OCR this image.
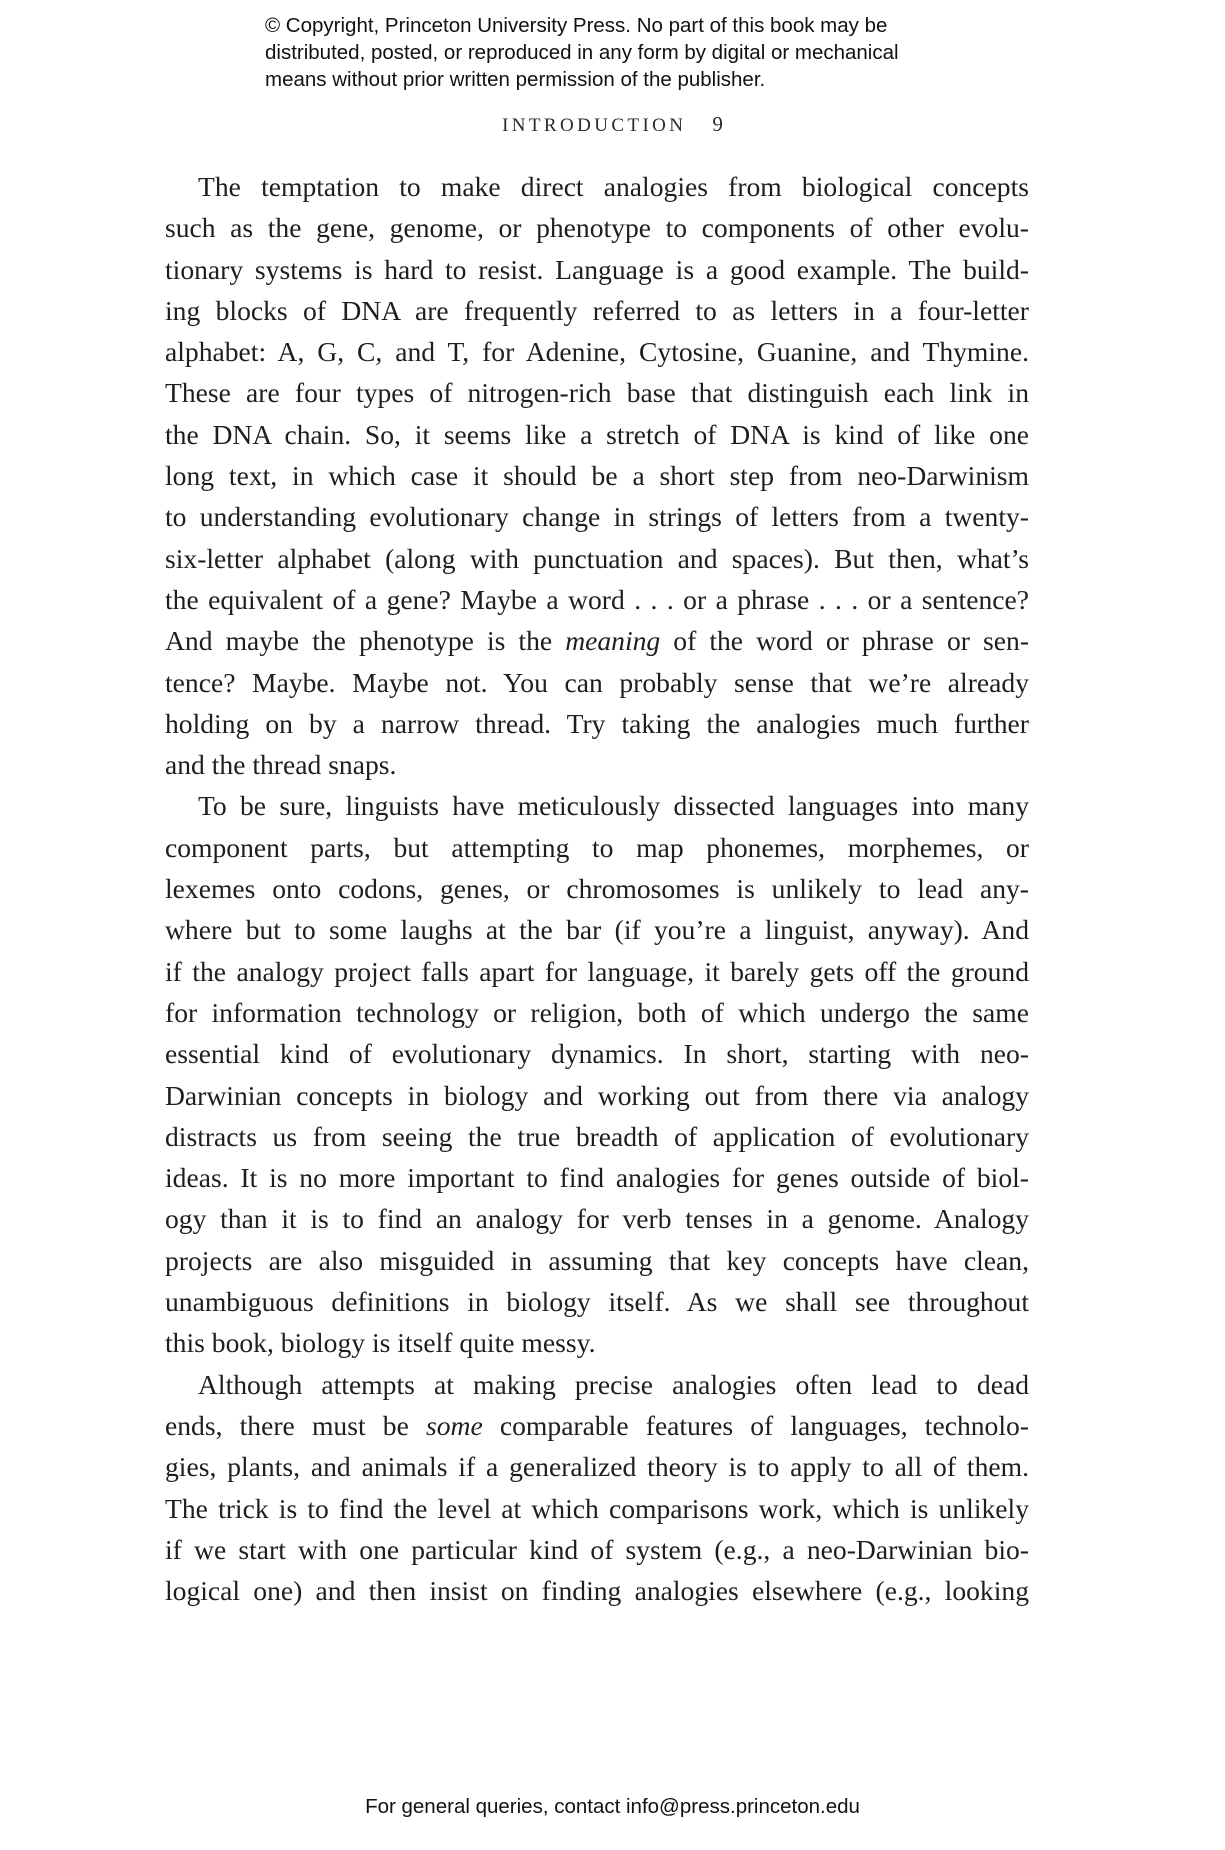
© Copyright, Princeton University Press. No part of this book may be
distributed, posted, or reproduced in any form by digital or mechanical
means without prior written permission of the publisher.
INTRODUCTION 9

The temptation to make direct analogies from biological concepts
such as the gene, genome, or phenotype to components of other evolu-
tionary systems is hard to resist. Language is a good example. The build-
ing blocks of DNA are frequently referred to as letters in a four-letter
alphabet: A, G, C, and T, for Adenine, Cytosine, Guanine, and Thymine.
These are four types of nitrogen-rich base that distinguish each link in
the DNA chain. So, it seems like a stretch of DNA is kind of like one
long text, in which case it should be a short step from neo-Darwinism
to understanding evolutionary change in strings of letters from a twenty-
six-letter alphabet (along with punctuation and spaces). But then, what’s
the equivalent of a gene? Maybe a word . . . or a phrase . . . or a sentence?
And maybe the phenotype is the meaning of the word or phrase or sen-
tence? Maybe. Maybe not. You can probably sense that we’re already
holding on by a narrow thread. Try taking the analogies much further
and the thread snaps.

To be sure, linguists have meticulously dissected languages into many
component parts, but attempting to map phonemes, morphemes, or
lexemes onto codons, genes, or chromosomes is unlikely to lead any-
where but to some laughs at the bar (if you’re a linguist, anyway). And
if the analogy project falls apart for language, it barely gets off the ground
for information technology or religion, both of which undergo the same
essential kind of evolutionary dynamics. In short, starting with neo-
Darwinian concepts in biology and working out from there via analogy
distracts us from seeing the true breadth of application of evolutionary
ideas. It is no more important to find analogies for genes outside of biol-
ogy than it is to find an analogy for verb tenses in a genome. Analogy
projects are also misguided in assuming that key concepts have clean,
unambiguous definitions in biology itself. As we shall see throughout
this book, biology is itself quite messy.

Although attempts at making precise analogies often lead to dead
ends, there must be some comparable features of languages, technolo-
gies, plants, and animals if a generalized theory is to apply to all of them.
The trick is to find the level at which comparisons work, which is unlikely
if we start with one particular kind of system (e.g., a neo-Darwinian bio-
logical one) and then insist on finding analogies elsewhere (e.g., looking

For general queries, contact info@press.princeton.edu
